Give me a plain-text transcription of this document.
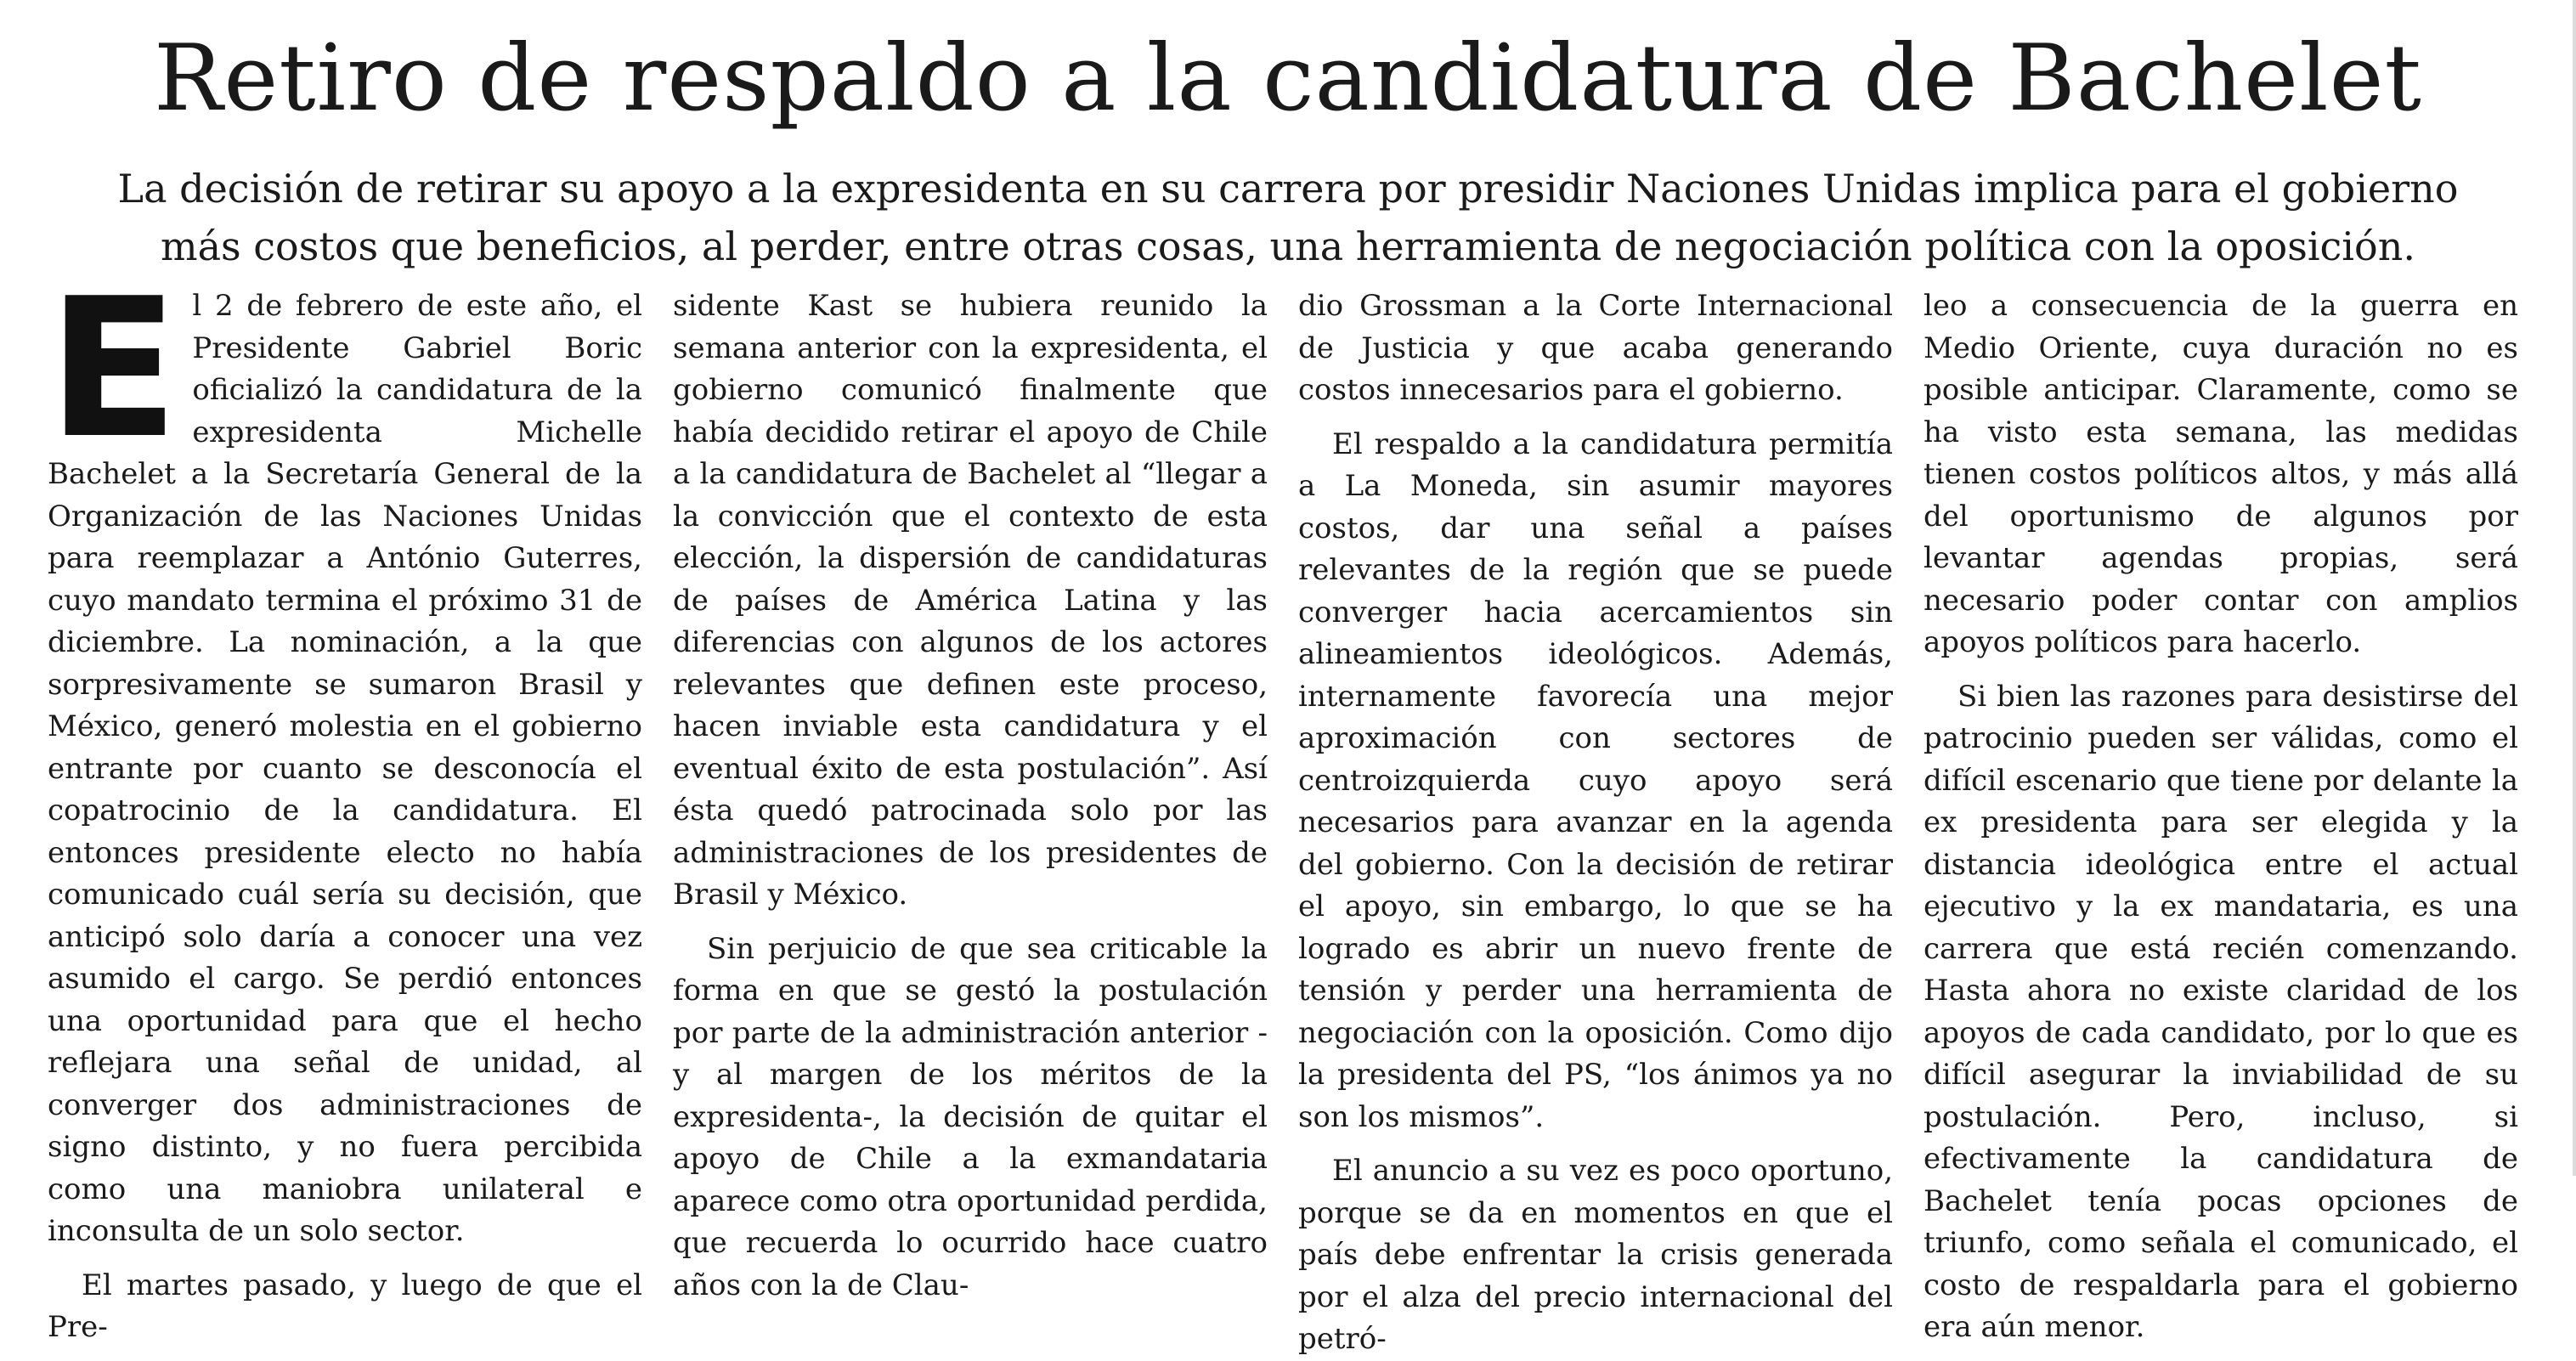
Retiro de respaldo a la candidatura de Bachelet

La decisión de retirar su apoyo a la expresidenta en su carrera por presidir Naciones Unidas implica para el gobierno más costos que beneficios, al perder, entre otras cosas, una herramienta de negociación política con la oposición.

E l 2 de febrero de este año, el Presidente Gabriel Boric oficializó la candidatura de la expresidenta Michelle Bachelet a la Secretaría General de la Organización de las Naciones Unidas para reemplazar a António Guterres, cuyo mandato termina el próximo 31 de diciembre. La nominación, a la que sorpresivamente se sumaron Brasil y México, generó molestia en el gobierno entrante por cuanto se desconocía el copatrocinio de la candidatura. El entonces presidente electo no había comunicado cuál sería su decisión, que anticipó solo daría a conocer una vez asumido el cargo. Se perdió entonces una oportunidad para que el hecho reflejara una señal de unidad, al converger dos administraciones de signo distinto, y no fuera percibida como una maniobra unilateral e inconsulta de un solo sector.

El martes pasado, y luego de que el Pre-

sidente Kast se hubiera reunido la semana anterior con la expresidenta, el gobierno comunicó finalmente que había decidido retirar el apoyo de Chile a la candidatura de Bachelet al “llegar a la convicción que el contexto de esta elección, la dispersión de candidaturas de países de América Latina y las diferencias con algunos de los actores relevantes que definen este proceso, hacen inviable esta candidatura y el eventual éxito de esta postulación”. Así ésta quedó patrocinada solo por las administraciones de los presidentes de Brasil y México.

Sin perjuicio de que sea criticable la forma en que se gestó la postulación por parte de la administración anterior -y al margen de los méritos de la expresidenta-, la decisión de quitar el apoyo de Chile a la exmandataria aparece como otra oportunidad perdida, que recuerda lo ocurrido hace cuatro años con la de Clau-

dio Grossman a la Corte Internacional de Justicia y que acaba generando costos innecesarios para el gobierno.

El respaldo a la candidatura permitía a La Moneda, sin asumir mayores costos, dar una señal a países relevantes de la región que se puede converger hacia acercamientos sin alineamientos ideológicos. Además, internamente favorecía una mejor aproximación con sectores de centroizquierda cuyo apoyo será necesarios para avanzar en la agenda del gobierno. Con la decisión de retirar el apoyo, sin embargo, lo que se ha logrado es abrir un nuevo frente de tensión y perder una herramienta de negociación con la oposición. Como dijo la presidenta del PS, “los ánimos ya no son los mismos”.

El anuncio a su vez es poco oportuno, porque se da en momentos en que el país debe enfrentar la crisis generada por el alza del precio internacional del petró-

leo a consecuencia de la guerra en Medio Oriente, cuya duración no es posible anticipar. Claramente, como se ha visto esta semana, las medidas tienen costos políticos altos, y más allá del oportunismo de algunos por levantar agendas propias, será necesario poder contar con amplios apoyos políticos para hacerlo.

Si bien las razones para desistirse del patrocinio pueden ser válidas, como el difícil escenario que tiene por delante la ex presidenta para ser elegida y la distancia ideológica entre el actual ejecutivo y la ex mandataria, es una carrera que está recién comenzando. Hasta ahora no existe claridad de los apoyos de cada candidato, por lo que es difícil asegurar la inviabilidad de su postulación. Pero, incluso, si efectivamente la candidatura de Bachelet tenía pocas opciones de triunfo, como señala el comunicado, el costo de respaldarla para el gobierno era aún menor.
